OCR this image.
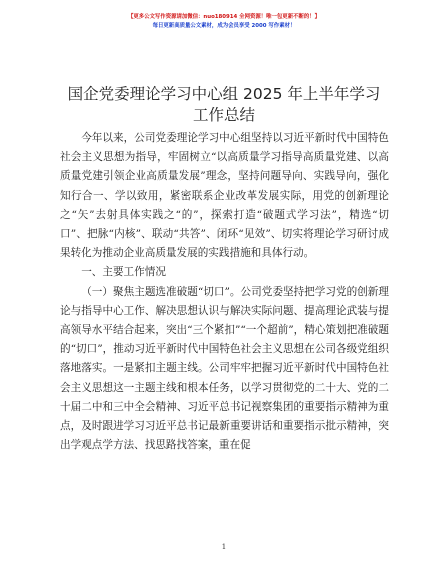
【更多公文写作资源请加微信：nuo180914 全网资源！唯一包更新不断的！】
每日更新高质量公文素材，成为会员享受 2000 写作素材！
国企党委理论学习中心组 2025 年上半年学习工作总结

今年以来，公司党委理论学习中心组坚持以习近平新时代中国特色社会主义思想为指导，牢固树立“以高质量学习指导高质量党建、以高质量党建引领企业高质量发展”理念，坚持问题导向、实践导向，强化知行合一、学以致用，紧密联系企业改革发展实际，用党的创新理论之“矢”去射具体实践之“的”，探索打造“破题式学习法”，精选“切口”、把脉“内核”、联动“共答”、闭环“见效”、切实将理论学习研讨成果转化为推动企业高质量发展的实践措施和具体行动。

一、主要工作情况

（一）聚焦主题选准破题“切口”。公司党委坚持把学习党的创新理论与指导中心工作、解决思想认识与解决实际问题、提高理论武装与提高领导水平结合起来，突出“三个紧扣”“一个超前”，精心策划把准破题的“切口”，推动习近平新时代中国特色社会主义思想在公司各级党组织落地落实。一是紧扣主题主线。公司牢牢把握习近平新时代中国特色社会主义思想这一主题主线和根本任务，以学习贯彻党的二十大、党的二十届二中和三中全会精神、习近平总书记视察集团的重要指示精神为重点，及时跟进学习习近平总书记最新重要讲话和重要指示批示精神，突出学观点学方法、找思路找答案，重在促

1
